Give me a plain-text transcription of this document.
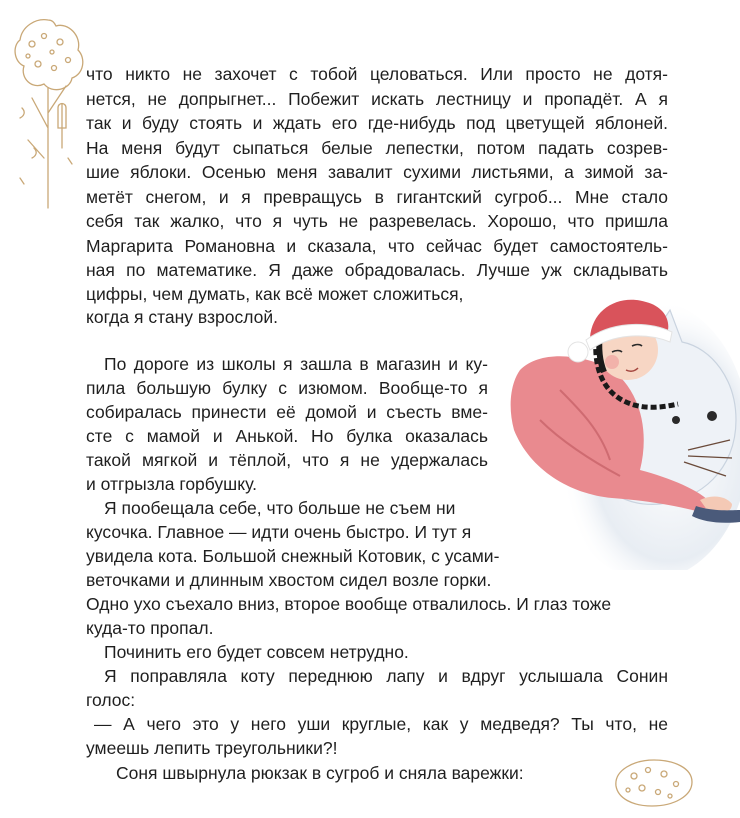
что никто не захочет с тобой целоваться. Или просто не дотя-
нется, не допрыгнет... Побежит искать лестницу и пропадёт. А я
так и буду стоять и ждать его где-нибудь под цветущей яблоней.
На меня будут сыпаться белые лепестки, потом падать созрев-
шие яблоки. Осенью меня завалит сухими листьями, а зимой за-
метёт снегом, и я превращусь в гигантский сугроб... Мне стало
себя так жалко, что я чуть не разревелась. Хорошо, что пришла
Маргарита Романовна и сказала, что сейчас будет самостоятель-
ная по математике. Я даже обрадовалась. Лучше уж складывать
цифры, чем думать, как всё может сложиться,
когда я стану взрослой.
По дороге из школы я зашла в магазин и ку-
пила большую булку с изюмом. Вообще-то я
собиралась принести её домой и съесть вме-
сте с мамой и Анькой. Но булка оказалась
такой мягкой и тёплой, что я не удержалась
и отгрызла горбушку.
Я пообещала себе, что больше не съем ни
кусочка. Главное — идти очень быстро. И тут я
увидела кота. Большой снежный Котовик, с усами-
веточками и длинным хвостом сидел возле горки.
Одно ухо съехало вниз, второе вообще отвалилось. И глаз тоже
куда-то пропал.
Починить его будет совсем нетрудно.
Я поправляла коту переднюю лапу и вдруг услышала Сонин
голос:
— А чего это у него уши круглые, как у медведя? Ты что, не
умеешь лепить треугольники?!
Соня швырнула рюкзак в сугроб и сняла варежки:
